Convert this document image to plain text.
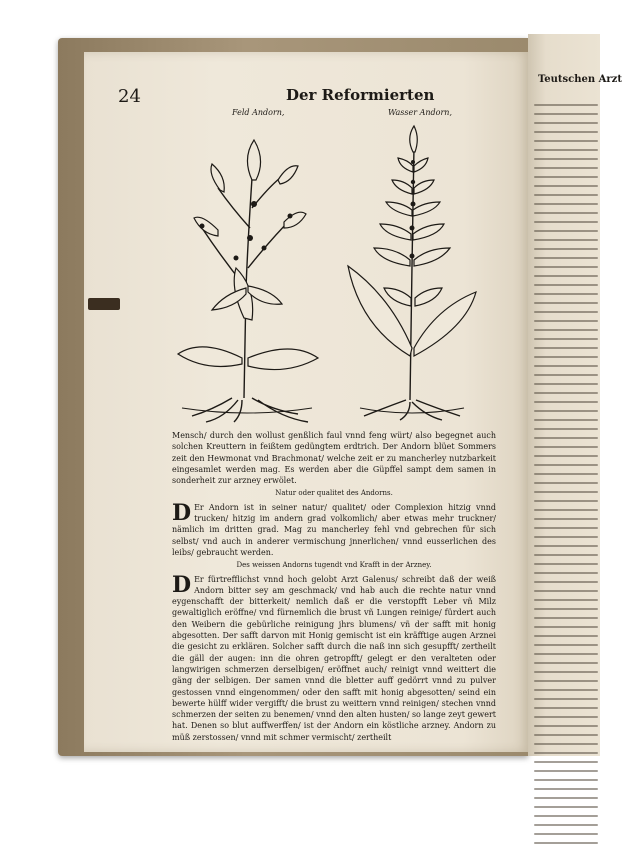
Teutschen Arzt

24	Der Reformierten

Feld Andorn,	Wasser Andorn,

Mensch/ durch den wollust genßlich faul vnnd feng würt/ also begegnet auch solchen Kreuttern in feißtem gedüngtem erdtrich. Der Andorn blüet Sommers zeit den Hewmonat vnd Brachmonat/ welche zeit er zu mancherley nutzbarkeit eingesamlet werden mag. Es werden aber die Güpffel sampt dem samen in sonderheit zur arzney erwölet.

Natur oder qualitet des Andorns.

D Er Andorn ist in seiner natur/ qualitet/ oder Complexion hitzig vnnd trucken/ hitzig im andern grad volkomlich/ aber etwas mehr truckner/ nämlich im dritten grad. Mag zu mancherley fehl vnd gebrechen für sich selbst/ vnd auch in anderer vermischung jnnerlichen/ vnnd eusserlichen des leibs/ gebraucht werden.

Des weissen Andorns tugendt vnd Krafft in der Arzney.

D Er fürtrefflichst vnnd hoch gelobt Arzt Galenus/ schreibt daß der weiß Andorn bitter sey am geschmack/ vnd hab auch die rechte natur vnnd eygenschafft der bitterkeit/ nemlich daß er die verstopfft Leber vñ Milz gewaltiglich eröffne/ vnd fürnemlich die brust vñ Lungen reinige/ fürdert auch den Weibern die gebürliche reinigung jhrs blumens/ vñ der safft mit honig abgesotten. Der safft darvon mit Honig gemischt ist ein kräfftige augen Arznei die gesicht zu erklären. Solcher safft durch die naß inn sich gesupfft/ zertheilt die gäll der augen: inn die ohren getropfft/ gelegt er den veralteten oder langwirigen schmerzen derselbigen/ eröffnet auch/ reinigt vnnd weittert die gäng der selbigen. Der samen vnnd die bletter auff gedörrt vnnd zu pulver gestossen vnnd eingenommen/ oder den safft mit honig abgesotten/ seind ein bewerte hülff wider vergifft/ die brust zu weittern vnnd reinigen/ stechen vnnd schmerzen der seiten zu benemen/ vnnd den alten husten/ so lange zeyt gewert hat. Denen so blut auffwerffen/ ist der Andorn ein köstliche arzney. Andorn zu müß zerstossen/ vnnd mit schmer vermischt/ zertheilt
